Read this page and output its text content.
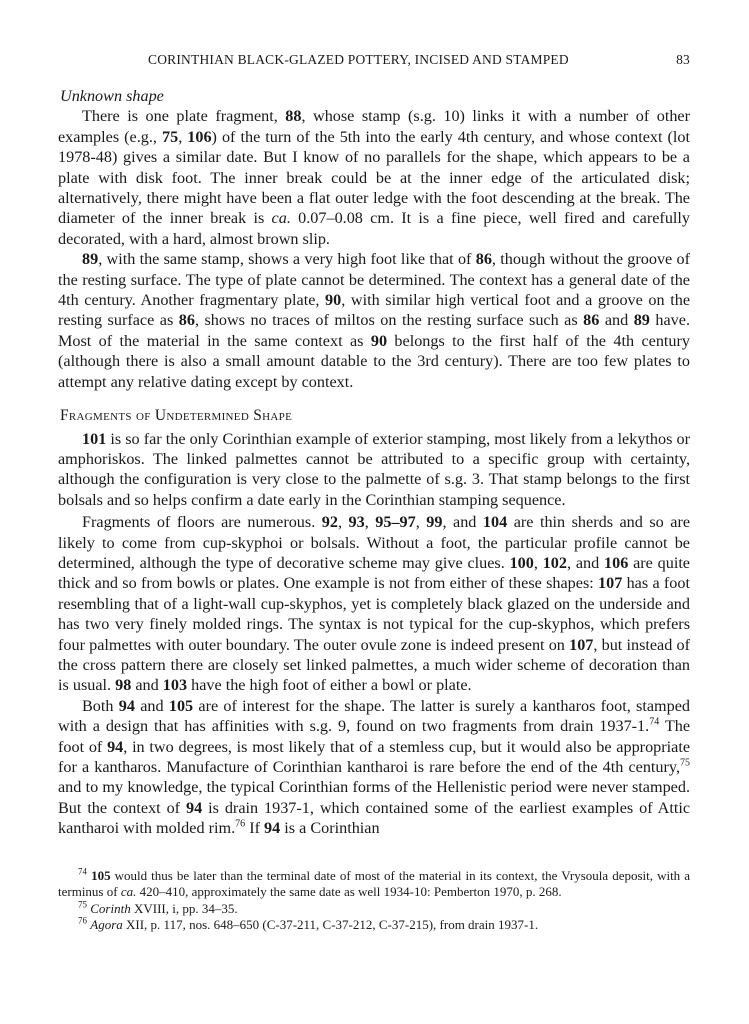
CORINTHIAN BLACK-GLAZED POTTERY, INCISED AND STAMPED	83
Unknown shape

There is one plate fragment, 88, whose stamp (s.g. 10) links it with a number of other examples (e.g., 75, 106) of the turn of the 5th into the early 4th century, and whose context (lot 1978-48) gives a similar date. But I know of no parallels for the shape, which appears to be a plate with disk foot. The inner break could be at the inner edge of the articulated disk; alternatively, there might have been a flat outer ledge with the foot descending at the break. The diameter of the inner break is ca. 0.07–0.08 cm. It is a fine piece, well fired and carefully decorated, with a hard, almost brown slip.

89, with the same stamp, shows a very high foot like that of 86, though without the groove of the resting surface. The type of plate cannot be determined. The context has a general date of the 4th century. Another fragmentary plate, 90, with similar high vertical foot and a groove on the resting surface as 86, shows no traces of miltos on the resting surface such as 86 and 89 have. Most of the material in the same context as 90 belongs to the first half of the 4th century (although there is also a small amount datable to the 3rd century). There are too few plates to attempt any relative dating except by context.

Fragments of Undetermined Shape

101 is so far the only Corinthian example of exterior stamping, most likely from a lekythos or amphoriskos. The linked palmettes cannot be attributed to a specific group with certainty, although the configuration is very close to the palmette of s.g. 3. That stamp belongs to the first bolsals and so helps confirm a date early in the Corinthian stamping sequence.

Fragments of floors are numerous. 92, 93, 95–97, 99, and 104 are thin sherds and so are likely to come from cup-skyphoi or bolsals. Without a foot, the particular profile cannot be determined, although the type of decorative scheme may give clues. 100, 102, and 106 are quite thick and so from bowls or plates. One example is not from either of these shapes: 107 has a foot resembling that of a light-wall cup-skyphos, yet is completely black glazed on the underside and has two very finely molded rings. The syntax is not typical for the cup-skyphos, which prefers four palmettes with outer boundary. The outer ovule zone is indeed present on 107, but instead of the cross pattern there are closely set linked palmettes, a much wider scheme of decoration than is usual. 98 and 103 have the high foot of either a bowl or plate.

Both 94 and 105 are of interest for the shape. The latter is surely a kantharos foot, stamped with a design that has affinities with s.g. 9, found on two fragments from drain 1937-1.74 The foot of 94, in two degrees, is most likely that of a stemless cup, but it would also be appropriate for a kantharos. Manufacture of Corinthian kantharoi is rare before the end of the 4th century,$^{75}$ and to my knowledge, the typical Corinthian forms of the Hellenistic period were never stamped. But the context of 94 is drain 1937-1, which contained some of the earliest examples of Attic kantharoi with molded rim.$^{76}$ If 94 is a Corinthian

$^{74}$ 105 would thus be later than the terminal date of most of the material in its context, the Vrysoula deposit, with a terminus of ca. 420–410, approximately the same date as well 1934-10: Pemberton 1970, p. 268.
$^{75}$ Corinth XVIII, i, pp. 34–35.
$^{76}$ Agora XII, p. 117, nos. 648–650 (C-37-211, C-37-212, C-37-215), from drain 1937-1.
